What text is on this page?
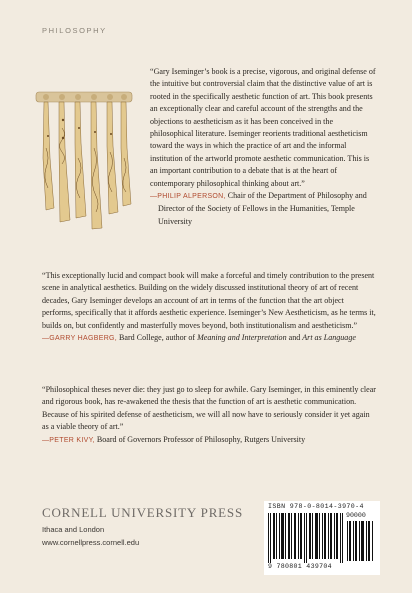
PHILOSOPHY

“Gary Iseminger’s book is a precise, vigorous, and original defense of the intuitive but controversial claim that the distinctive value of art is rooted in the specifically aesthetic function of art. This book presents an exceptionally clear and careful account of the strengths and the objections to aestheticism as it has been conceived in the philosophical literature. Iseminger reorients traditional aestheticism toward the ways in which the practice of art and the informal institution of the artworld promote aesthetic communication. This is an important contribution to a debate that is at the heart of contemporary philosophical thinking about art.”

—PHILIP ALPERSON, Chair of the Department of Philosophy and Director of the Society of Fellows in the Humanities, Temple University

“This exceptionally lucid and compact book will make a forceful and timely contribution to the present scene in analytical aesthetics. Building on the widely discussed institutional theory of art of recent decades, Gary Iseminger develops an account of art in terms of the function that the art object performs, specifically that it affords aesthetic experience. Iseminger’s New Aestheticism, as he terms it, builds on, but confidently and masterfully moves beyond, both institutionalism and aestheticism.”

—GARRY HAGBERG, Bard College, author of Meaning and Interpretation and Art as Language

“Philosophical theses never die: they just go to sleep for awhile. Gary Iseminger, in this eminently clear and rigorous book, has re-awakened the thesis that the function of art is aesthetic communication. Because of his spirited defense of aestheticism, we will all now have to seriously consider it yet again as a viable theory of art.”

—PETER KIVY, Board of Governors Professor of Philosophy, Rutgers University

CORNELL UNIVERSITY PRESS
Ithaca and London
www.cornellpress.cornell.edu
ISBN 978-0-8014-3970-4
90000
9 780801 439704
